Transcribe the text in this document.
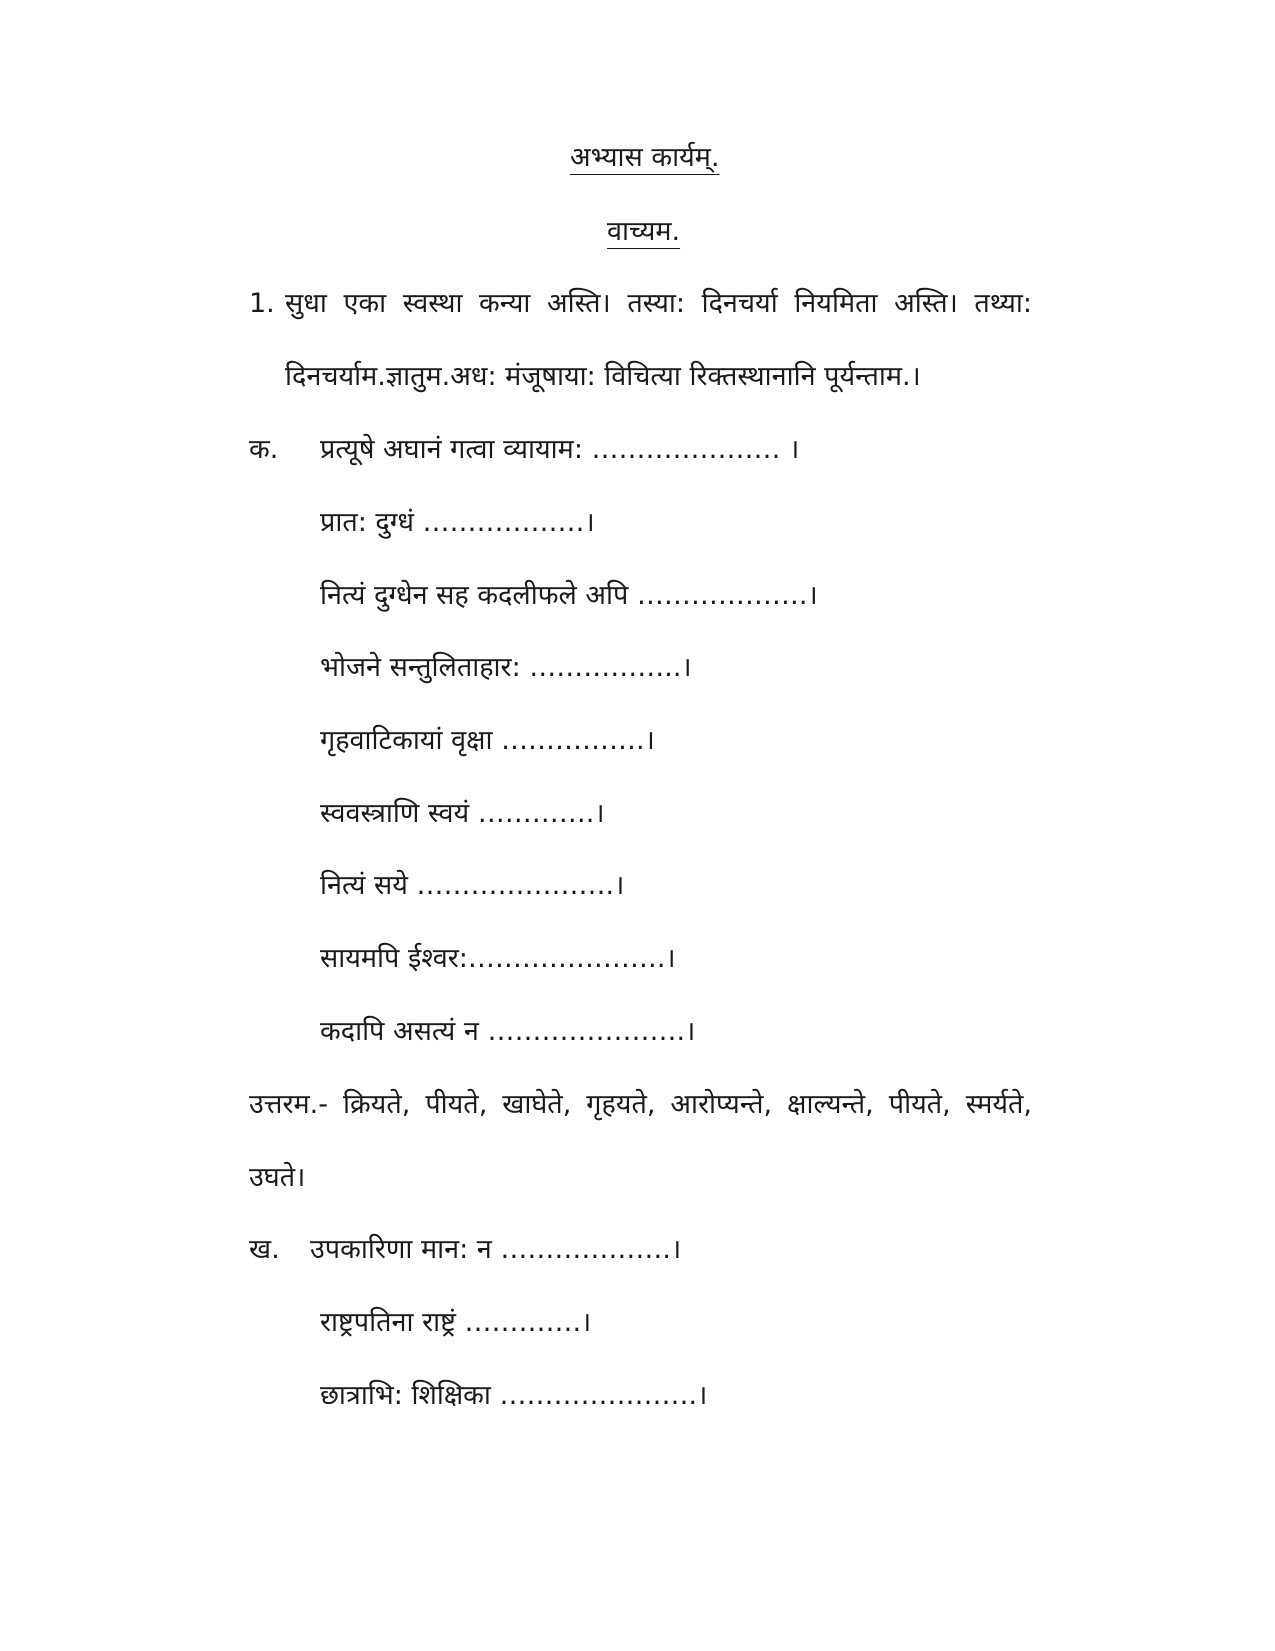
अभ्यास कार्यम्.
वाच्यम.
1. सुधा एका स्वस्था कन्या अस्ति। तस्या: दिनचर्या नियमिता अस्ति। तथ्या:
दिनचर्याम.ज्ञातुम.अध: मंजूषाया: विचित्या रिक्तस्थानानि पूर्यन्ताम.।
क. प्रत्यूषे अघानं गत्वा व्यायाम: ………………… ।
प्रात: दुग्धं ………………।
नित्यं दुग्धेन सह कदलीफले अपि ……………….।
भोजने सन्तुलिताहार: ……………..।
गृहवाटिकायां वृक्षा …………….।
स्ववस्त्राणि स्वयं ………….।
नित्यं सये ………………….।
सायमपि ईश्वर:………………….।
कदापि असत्यं न ………………….।
उत्तरम.- क्रियते, पीयते, खाघेते, गृहयते, आरोप्यन्ते, क्षाल्यन्ते, पीयते, स्मर्यते,
उघते।
ख. उपकारिणा मान: न ……………….।
राष्ट्रपतिना राष्ट्रं ………….।
छात्राभि: शिक्षिका ………………….।
